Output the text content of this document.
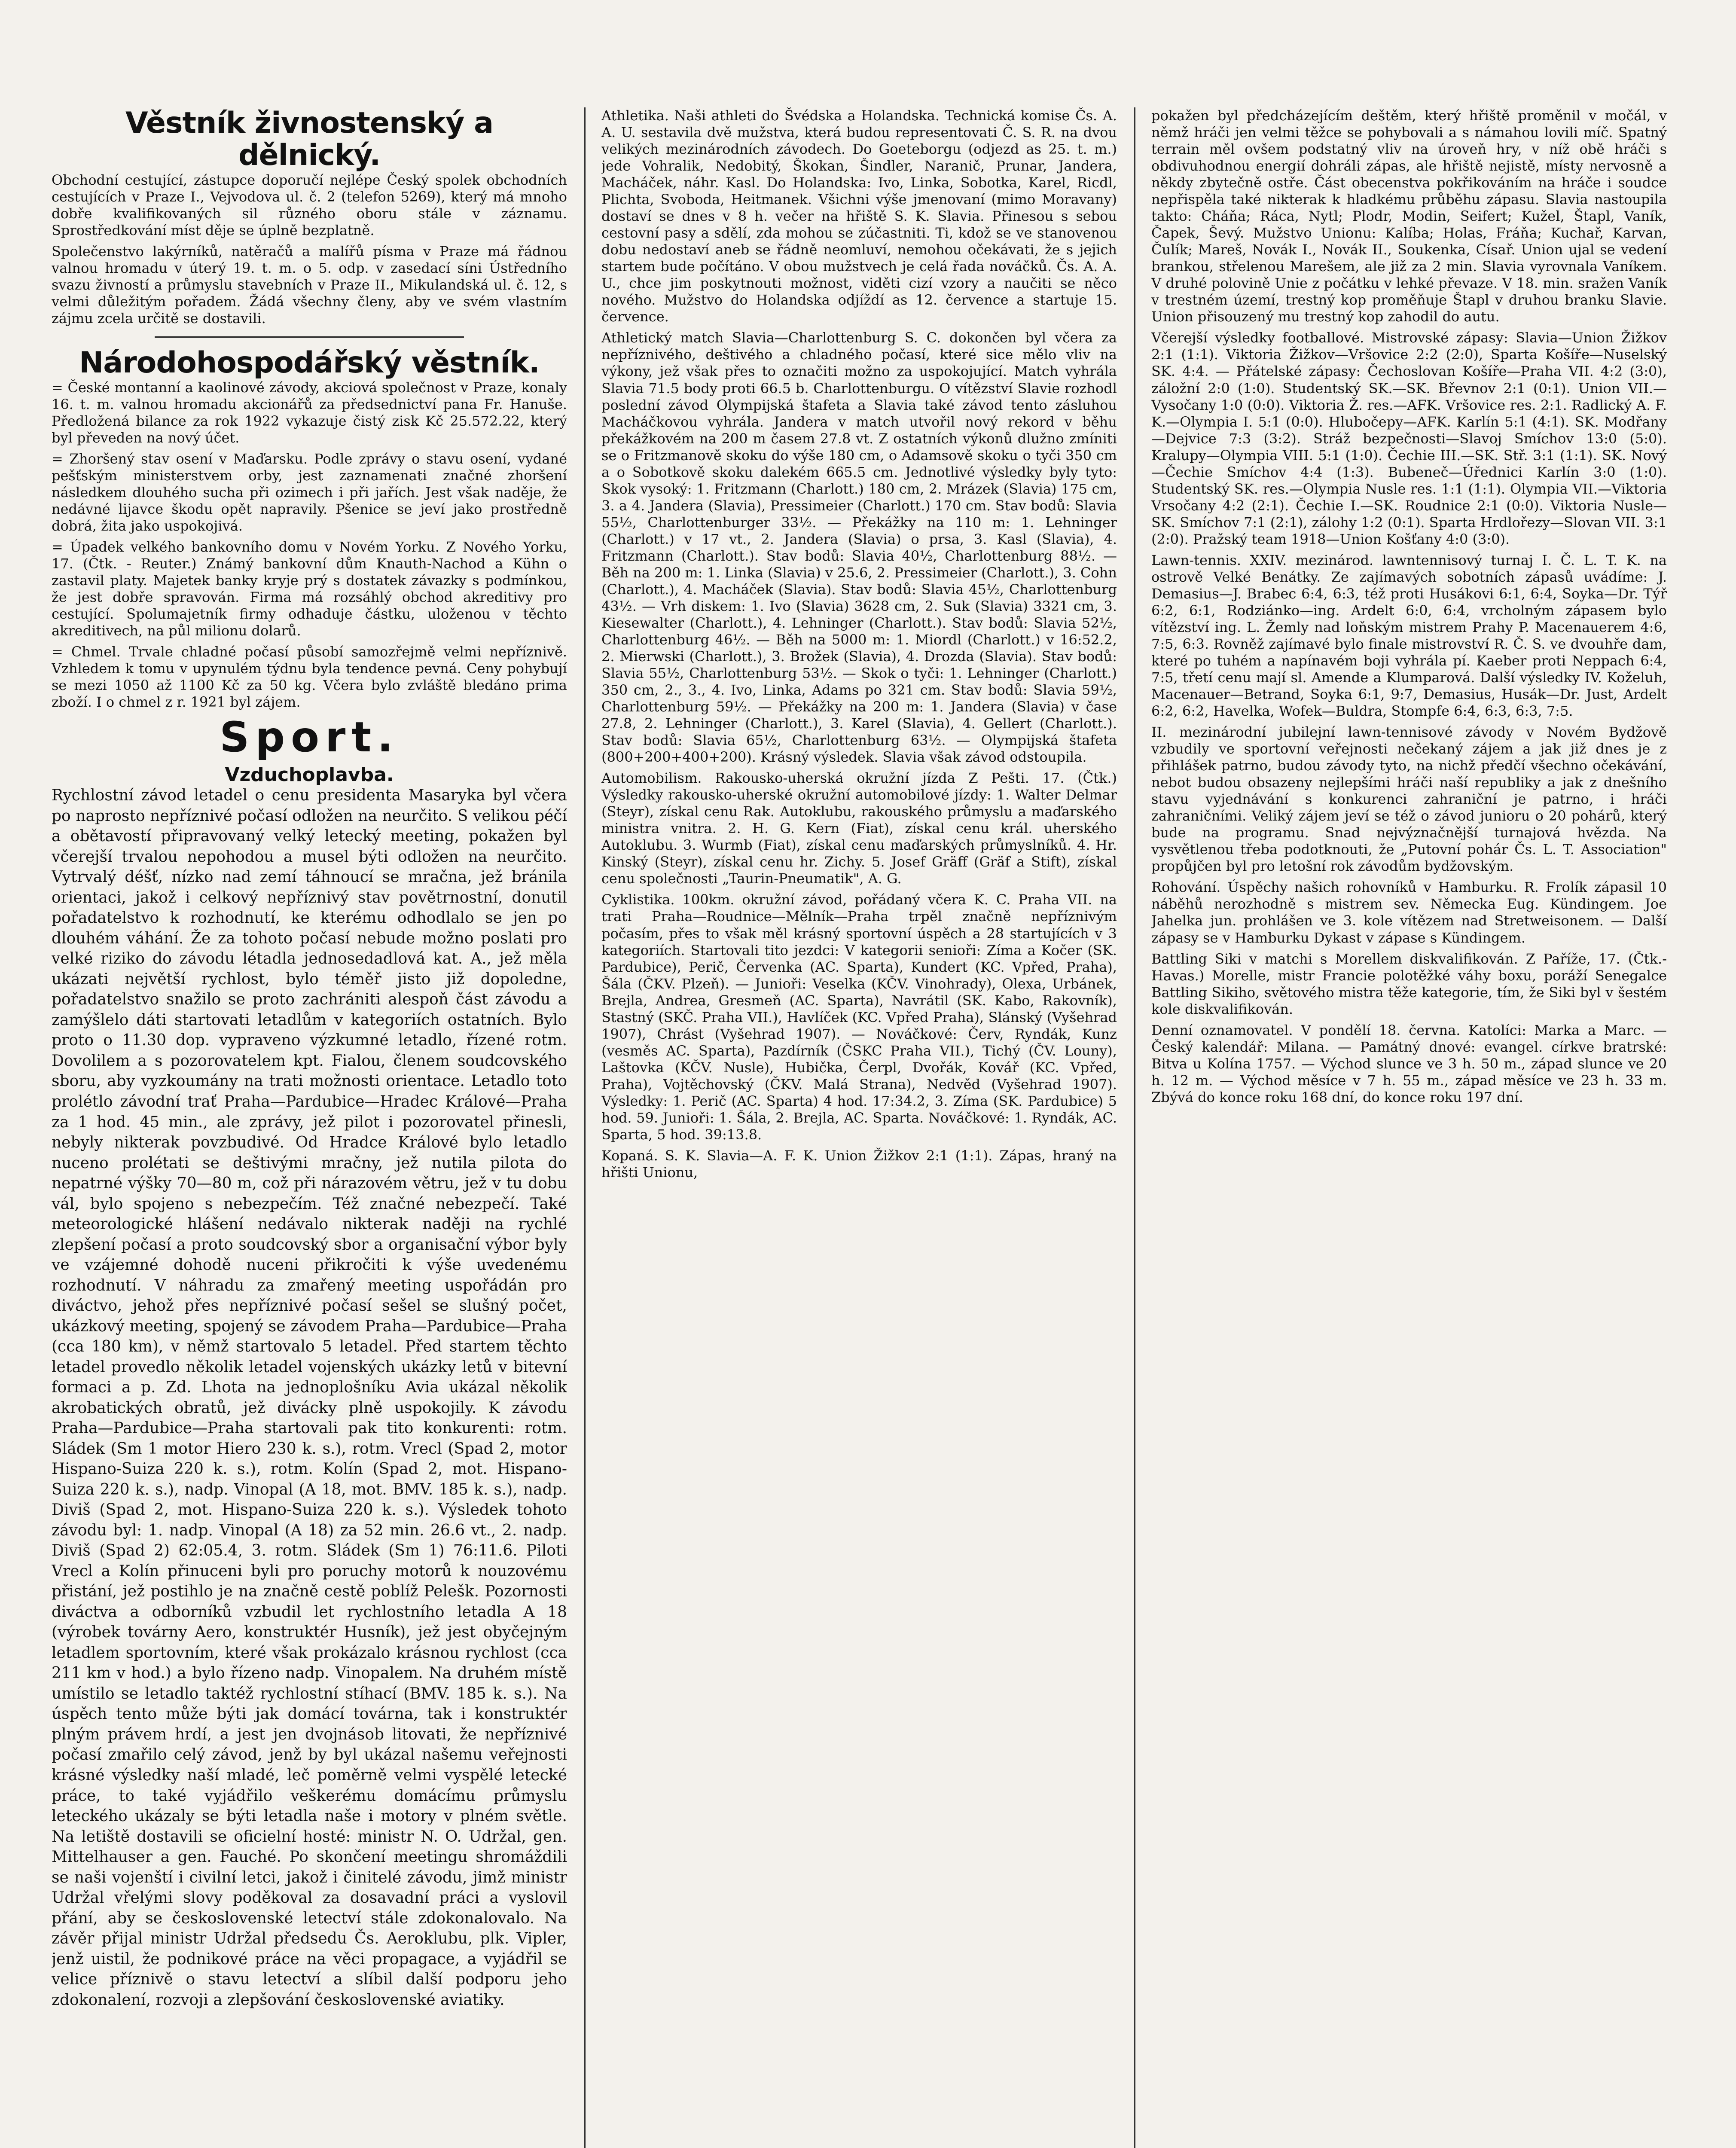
Věstník živnostenský a dělnický.

Obchodní cestující, zástupce doporučí nejlépe Český spolek obchodních cestujících v Praze I., Vejvodova ul. č. 2 (telefon 5269), který má mnoho dobře kvalifikovaných sil různého oboru stále v záznamu. Sprostředkování míst děje se úplně bezplatně.

Společenstvo lakýrníků, natěračů a malířů písma v Praze má řádnou valnou hromadu v úterý 19. t. m. o 5. odp. v zasedací síni Ústředního svazu živností a průmyslu stavebních v Praze II., Mikulandská ul. č. 12, s velmi důležitým pořadem. Žádá všechny členy, aby ve svém vlastním zájmu zcela určitě se dostavili.

Národohospodářský věstník.

= České montanní a kaolinové závody, akciová společnost v Praze, konaly 16. t. m. valnou hromadu akcionářů za předsednictví pana Fr. Hanuše. Předložená bilance za rok 1922 vykazuje čistý zisk Kč 25.572.22, který byl převeden na nový účet.

= Zhoršený stav osení v Maďarsku. Podle zprávy o stavu osení, vydané pešťským ministerstvem orby, jest zaznamenati značné zhoršení následkem dlouhého sucha při ozimech i při jařích. Jest však naděje, že nedávné lijavce škodu opět napravily. Pšenice se jeví jako prostředně dobrá, žita jako uspokojivá.

= Úpadek velkého bankovního domu v Novém Yorku. Z Nového Yorku, 17. (Čtk. - Reuter.) Známý bankovní dům Knauth-Nachod a Kühn o zastavil platy. Majetek banky kryje prý s dostatek závazky s podmínkou, že jest dobře spravován. Firma má rozsáhlý obchod akreditivy pro cestující. Spolumajetník firmy odhaduje částku, uloženou v těchto akreditivech, na půl milionu dolarů.

= Chmel. Trvale chladné počasí působí samozřejmě velmi nepříznivě. Vzhledem k tomu v upynulém týdnu byla tendence pevná. Ceny pohybují se mezi 1050 až 1100 Kč za 50 kg. Včera bylo zvláště bledáno prima zboží. I o chmel z r. 1921 byl zájem.

Sport.
Vzduchoplavba.

Rychlostní závod letadel o cenu presidenta Masaryka byl včera po naprosto nepříznivé počasí odložen na neurčito. S velikou péčí a obětavostí připravovaný velký letecký meeting, pokažen byl včerejší trvalou nepohodou a musel býti odložen na neurčito. Vytrvalý déšť, nízko nad zemí táhnoucí se mračna, jež bránila orientaci, jakož i celkový nepříznivý stav povětrnostní, donutil pořadatelstvo k rozhodnutí, ke kterému odhodlalo se jen po dlouhém váhání. Že za tohoto počasí nebude možno poslati pro velké riziko do závodu létadla jednosedadlová kat. A., jež měla ukázati největší rychlost, bylo téměř jisto již dopoledne, pořadatelstvo snažilo se proto zachrániti alespoň část závodu a zamýšlelo dáti startovati letadlům v kategoriích ostatních. Bylo proto o 11.30 dop. vypraveno výzkumné letadlo, řízené rotm. Dovolilem a s pozorovatelem kpt. Fialou, členem soudcovského sboru, aby vyzkoumány na trati možnosti orientace. Letadlo toto prolétlo závodní trať Praha—Pardubice—Hradec Králové—Praha za 1 hod. 45 min., ale zprávy, jež pilot i pozorovatel přinesli, nebyly nikterak povzbudivé. Od Hradce Králové bylo letadlo nuceno prolétati se deštivými mračny, jež nutila pilota do nepatrné výšky 70—80 m, což při nárazovém větru, jež v tu dobu vál, bylo spojeno s nebezpečím. Též značné nebezpečí. Také meteorologické hlášení nedávalo nikterak naději na rychlé zlepšení počasí a proto soudcovský sbor a organisační výbor byly ve vzájemné dohodě nuceni přikročiti k výše uvedenému rozhodnutí. V náhradu za zmařený meeting uspořádán pro diváctvo, jehož přes nepříznivé počasí sešel se slušný počet, ukázkový meeting, spojený se závodem Praha—Pardubice—Praha (cca 180 km), v němž startovalo 5 letadel. Před startem těchto letadel provedlo několik letadel vojenských ukázky letů v bitevní formaci a p. Zd. Lhota na jednoplošníku Avia ukázal několik akrobatických obratů, jež divácky plně uspokojily. K závodu Praha—Pardubice—Praha startovali pak tito konkurenti: rotm. Sládek (Sm 1 motor Hiero 230 k. s.), rotm. Vrecl (Spad 2, motor Hispano-Suiza 220 k. s.), rotm. Kolín (Spad 2, mot. Hispano-Suiza 220 k. s.), nadp. Vinopal (A 18, mot. BMV. 185 k. s.), nadp. Diviš (Spad 2, mot. Hispano-Suiza 220 k. s.). Výsledek tohoto závodu byl: 1. nadp. Vinopal (A 18) za 52 min. 26.6 vt., 2. nadp. Diviš (Spad 2) 62:05.4, 3. rotm. Sládek (Sm 1) 76:11.6. Piloti Vrecl a Kolín přinuceni byli pro poruchy motorů k nouzovému přistání, jež postihlo je na značně cestě poblíž Pelešk. Pozornosti diváctva a odborníků vzbudil let rychlostního letadla A 18 (výrobek továrny Aero, konstruktér Husník), jež jest obyčejným letadlem sportovním, které však prokázalo krásnou rychlost (cca 211 km v hod.) a bylo řízeno nadp. Vinopalem. Na druhém místě umístilo se letadlo taktéž rychlostní stíhací (BMV. 185 k. s.). Na úspěch tento může býti jak domácí továrna, tak i konstruktér plným právem hrdí, a jest jen dvojnásob litovati, že nepříznivé počasí zmařilo celý závod, jenž by byl ukázal našemu veřejnosti krásné výsledky naší mladé, leč poměrně velmi vyspělé letecké práce, to také vyjádřilo veškerému domácímu průmyslu leteckého ukázaly se býti letadla naše i motory v plném světle. Na letiště dostavili se oficielní hosté: ministr N. O. Udržal, gen. Mittelhauser a gen. Fauché. Po skončení meetingu shromáždili se naši vojenští i civilní letci, jakož i činitelé závodu, jimž ministr Udržal vřelými slovy poděkoval za dosavadní práci a vyslovil přání, aby se československé letectví stále zdokonalovalo. Na závěr přijal ministr Udržal předsedu Čs. Aeroklubu, plk. Vipler, jenž uistil, že podnikové práce na věci propagace, a vyjádřil se velice příznivě o stavu letectví a slíbil další podporu jeho zdokonalení, rozvoji a zlepšování československé aviatiky.

Athletika. Naši athleti do Švédska a Holandska. Technická komise Čs. A. A. U. sestavila dvě mužstva, která budou representovati Č. S. R. na dvou velikých mezinárodních závodech. Do Goeteborgu (odjezd as 25. t. m.) jede Vohralik, Nedobitý, Škokan, Šindler, Naranič, Prunar, Jandera, Macháček, náhr. Kasl. Do Holandska: Ivo, Linka, Sobotka, Karel, Ricdl, Plichta, Svoboda, Heitmanek. Všichni výše jmenovaní (mimo Moravany) dostaví se dnes v 8 h. večer na hřiště S. K. Slavia. Přinesou s sebou cestovní pasy a sdělí, zda mohou se zúčastniti. Ti, kdož se ve stanovenou dobu nedostaví aneb se řádně neomluví, nemohou očekávati, že s jejich startem bude počítáno. V obou mužstvech je celá řada nováčků. Čs. A. A. U., chce jim poskytnouti možnost, viděti cizí vzory a naučiti se něco nového. Mužstvo do Holandska odjíždí as 12. července a startuje 15. července.

Athletický match Slavia—Charlottenburg S. C. dokončen byl včera za nepříznivého, deštivého a chladného počasí, které sice mělo vliv na výkony, jež však přes to označiti možno za uspokojující. Match vyhrála Slavia 71.5 body proti 66.5 b. Charlottenburgu. O vítězství Slavie rozhodl poslední závod Olympijská štafeta a Slavia také závod tento zásluhou Macháčkovou vyhrála. Jandera v match utvořil nový rekord v běhu překážkovém na 200 m časem 27.8 vt. Z ostatních výkonů dlužno zmíniti se o Fritzmanově skoku do výše 180 cm, o Adamsově skoku o tyči 350 cm a o Sobotkově skoku dalekém 665.5 cm. Jednotlivé výsledky byly tyto: Skok vysoký: 1. Fritzmann (Charlott.) 180 cm, 2. Mrázek (Slavia) 175 cm, 3. a 4. Jandera (Slavia), Pressimeier (Charlott.) 170 cm. Stav bodů: Slavia 55½, Charlottenburger 33½. — Překážky na 110 m: 1. Lehninger (Charlott.) v 17 vt., 2. Jandera (Slavia) o prsa, 3. Kasl (Slavia), 4. Fritzmann (Charlott.). Stav bodů: Slavia 40½, Charlottenburg 88½. — Běh na 200 m: 1. Linka (Slavia) v 25.6, 2. Pressimeier (Charlott.), 3. Cohn (Charlott.), 4. Macháček (Slavia). Stav bodů: Slavia 45½, Charlottenburg 43½. — Vrh diskem: 1. Ivo (Slavia) 3628 cm, 2. Suk (Slavia) 3321 cm, 3. Kiesewalter (Charlott.), 4. Lehninger (Charlott.). Stav bodů: Slavia 52½, Charlottenburg 46½. — Běh na 5000 m: 1. Miordl (Charlott.) v 16:52.2, 2. Mierwski (Charlott.), 3. Brožek (Slavia), 4. Drozda (Slavia). Stav bodů: Slavia 55½, Charlottenburg 53½. — Skok o tyči: 1. Lehninger (Charlott.) 350 cm, 2., 3., 4. Ivo, Linka, Adams po 321 cm. Stav bodů: Slavia 59½, Charlottenburg 59½. — Překážky na 200 m: 1. Jandera (Slavia) v čase 27.8, 2. Lehninger (Charlott.), 3. Karel (Slavia), 4. Gellert (Charlott.). Stav bodů: Slavia 65½, Charlottenburg 63½. — Olympijská štafeta (800+200+400+200). Krásný výsledek. Slavia však závod odstoupila.

Automobilism. Rakousko-uherská okružní jízda Z Pešti. 17. (Čtk.) Výsledky rakousko-uherské okružní automobilové jízdy: 1. Walter Delmar (Steyr), získal cenu Rak. Autoklubu, rakouského průmyslu a maďarského ministra vnitra. 2. H. G. Kern (Fiat), získal cenu král. uherského Autoklubu. 3. Wurmb (Fiat), získal cenu maďarských průmyslníků. 4. Hr. Kinský (Steyr), získal cenu hr. Zichy. 5. Josef Gräff (Gräf a Stift), získal cenu společnosti „Taurin-Pneumatik", A. G.

Cyklistika. 100km. okružní závod, pořádaný včera K. C. Praha VII. na trati Praha—Roudnice—Mělník—Praha trpěl značně nepříznivým počasím, přes to však měl krásný sportovní úspěch a 28 startujících v 3 kategoriích. Startovali tito jezdci: V kategorii senioři: Zíma a Kočer (SK. Pardubice), Perič, Červenka (AC. Sparta), Kundert (KC. Vpřed, Praha), Šála (ČKV. Plzeň). — Junioři: Veselka (KČV. Vinohrady), Olexa, Urbánek, Brejla, Andrea, Gresmeň (AC. Sparta), Navrátil (SK. Kabo, Rakovník), Stastný (SKČ. Praha VII.), Havlíček (KC. Vpřed Praha), Slánský (Vyšehrad 1907), Chrást (Vyšehrad 1907). — Nováčkové: Červ, Ryndák, Kunz (vesměs AC. Sparta), Pazdírník (ČSKC Praha VII.), Tichý (ČV. Louny), Laštovka (KČV. Nusle), Hubička, Čerpl, Dvořák, Kovář (KC. Vpřed, Praha), Vojtěchovský (ČKV. Malá Strana), Nedvěd (Vyšehrad 1907). Výsledky: 1. Perič (AC. Sparta) 4 hod. 17:34.2, 3. Zíma (SK. Pardubice) 5 hod. 59. Junioři: 1. Šála, 2. Brejla, AC. Sparta. Nováčkové: 1. Ryndák, AC. Sparta, 5 hod. 39:13.8.

Kopaná. S. K. Slavia—A. F. K. Union Žižkov 2:1 (1:1). Zápas, hraný na hřišti Unionu,

pokažen byl předcházejícím deštěm, který hřiště proměnil v močál, v němž hráči jen velmi těžce se pohybovali a s námahou lovili míč. Spatný terrain měl ovšem podstatný vliv na úroveň hry, v níž obě hráči s obdivuhodnou energií dohráli zápas, ale hřiště nejistě, místy nervosně a někdy zbytečně ostře. Část obecenstva pokřikováním na hráče i soudce nepřispěla také nikterak k hladkému průběhu zápasu. Slavia nastoupila takto: Cháňa; Ráca, Nytl; Plodr, Modin, Seifert; Kužel, Štapl, Vaník, Čapek, Ševý. Mužstvo Unionu: Kalíba; Holas, Fráňa; Kuchař, Karvan, Čulík; Mareš, Novák I., Novák II., Soukenka, Císař. Union ujal se vedení brankou, střelenou Marešem, ale již za 2 min. Slavia vyrovnala Vaníkem. V druhé polovině Unie z počátku v lehké převaze. V 18. min. sražen Vaník v trestném území, trestný kop proměňuje Štapl v druhou branku Slavie. Union přisouzený mu trestný kop zahodil do autu.

Včerejší výsledky footballové. Mistrovské zápasy: Slavia—Union Žižkov 2:1 (1:1). Viktoria Žižkov—Vršovice 2:2 (2:0), Sparta Košíře—Nuselský SK. 4:4. — Přátelské zápasy: Čechoslovan Košíře—Praha VII. 4:2 (3:0), záložní 2:0 (1:0). Studentský SK.—SK. Břevnov 2:1 (0:1). Union VII.—Vysočany 1:0 (0:0). Viktoria Ž. res.—AFK. Vršovice res. 2:1. Radlický A. F. K.—Olympia I. 5:1 (0:0). Hlubočepy—AFK. Karlín 5:1 (4:1). SK. Modřany—Dejvice 7:3 (3:2). Stráž bezpečnosti—Slavoj Smíchov 13:0 (5:0). Kralupy—Olympia VIII. 5:1 (1:0). Čechie III.—SK. Stř. 3:1 (1:1). SK. Nový—Čechie Smíchov 4:4 (1:3). Bubeneč—Úřednici Karlín 3:0 (1:0). Studentský SK. res.—Olympia Nusle res. 1:1 (1:1). Olympia VII.—Viktoria Vrsočany 4:2 (2:1). Čechie I.—SK. Roudnice 2:1 (0:0). Viktoria Nusle—SK. Smíchov 7:1 (2:1), zálohy 1:2 (0:1). Sparta Hrdlořezy—Slovan VII. 3:1 (2:0). Pražský team 1918—Union Košťany 4:0 (3:0).

Lawn-tennis. XXIV. mezinárod. lawntennisový turnaj I. Č. L. T. K. na ostrově Velké Benátky. Ze zajímavých sobotních zápasů uvádíme: J. Demasius—J. Brabec 6:4, 6:3, též proti Husákovi 6:1, 6:4, Soyka—Dr. Týř 6:2, 6:1, Rodziánko—ing. Ardelt 6:0, 6:4, vrcholným zápasem bylo vítězství ing. L. Žemly nad loňským mistrem Prahy P. Macenauerem 4:6, 7:5, 6:3. Rovněž zajímavé bylo finale mistrovství R. Č. S. ve dvouhře dam, které po tuhém a napínavém boji vyhrála pí. Kaeber proti Neppach 6:4, 7:5, třetí cenu mají sl. Amende a Klumparová. Další výsledky IV. Koželuh, Macenauer—Betrand, Soyka 6:1, 9:7, Demasius, Husák—Dr. Just, Ardelt 6:2, 6:2, Havelka, Wofek—Buldra, Stompfe 6:4, 6:3, 6:3, 7:5.

II. mezinárodní jubilejní lawn-tennisové závody v Novém Bydžově vzbudily ve sportovní veřejnosti nečekaný zájem a jak již dnes je z přihlášek patrno, budou závody tyto, na nichž předčí všechno očekávání, nebot budou obsazeny nejlepšími hráči naší republiky a jak z dnešního stavu vyjednávání s konkurenci zahraniční je patrno, i hráči zahraničními. Veliký zájem jeví se též o závod junioru o 20 pohárů, který bude na programu. Snad nejvýznačnější turnajová hvězda. Na vysvětlenou třeba podotknouti, že „Putovní pohár Čs. L. T. Association" propůjčen byl pro letošní rok závodům bydžovským.

Rohování. Úspěchy našich rohovníků v Hamburku. R. Frolík zápasil 10 náběhů nerozhodně s mistrem sev. Německa Eug. Kündingem. Joe Jahelka jun. prohlášen ve 3. kole vítězem nad Stretweisonem. — Další zápasy se v Hamburku Dykast v zápase s Kündingem.

Battling Siki v matchi s Morellem diskvalifikován. Z Paříže, 17. (Čtk.-Havas.) Morelle, mistr Francie polotěžké váhy boxu, poráží Senegalce Battling Sikiho, světového mistra těže kategorie, tím, že Siki byl v šestém kole diskvalifikován.

Denní oznamovatel. V pondělí 18. června. Katolíci: Marka a Marc. — Český kalendář: Milana. — Památný dnové: evangel. církve bratrské: Bitva u Kolína 1757. — Východ slunce ve 3 h. 50 m., západ slunce ve 20 h. 12 m. — Východ měsíce v 7 h. 55 m., západ měsíce ve 23 h. 33 m. Zbývá do konce roku 168 dní, do konce roku 197 dní.
